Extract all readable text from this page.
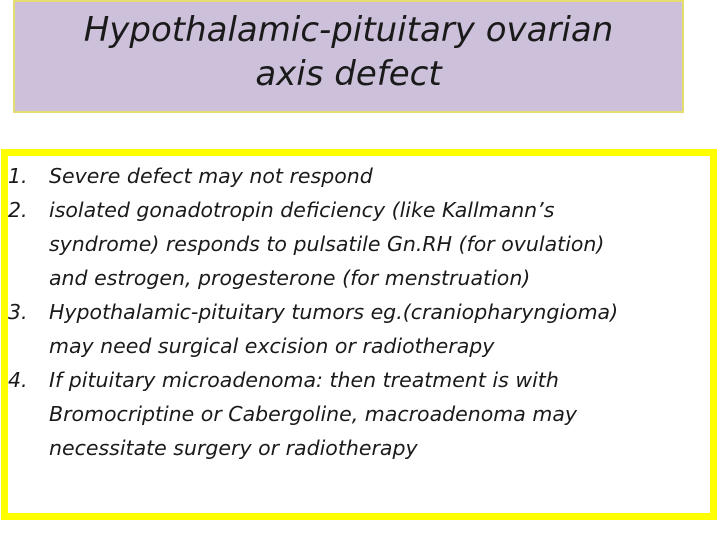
Hypothalamic-pituitary ovarian
axis defect
1. Severe defect may not respond
2. isolated gonadotropin deficiency (like Kallmann’s
syndrome) responds to pulsatile Gn.RH (for ovulation)
and estrogen, progesterone (for menstruation)
3. Hypothalamic-pituitary tumors eg.(craniopharyngioma)
may need surgical excision or radiotherapy
4. If pituitary microadenoma: then treatment is with
Bromocriptine or Cabergoline, macroadenoma may
necessitate surgery or radiotherapy
